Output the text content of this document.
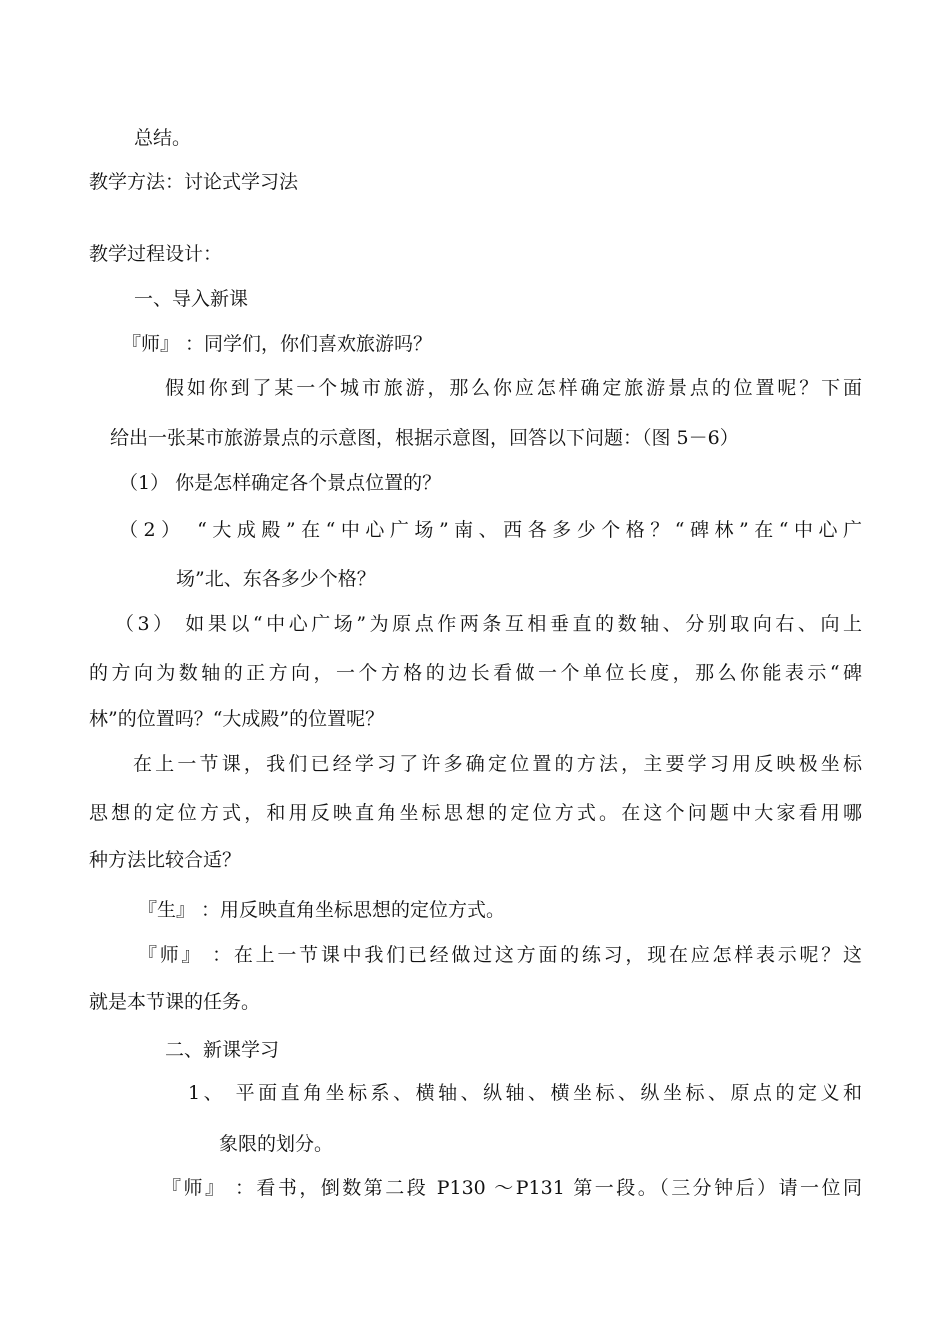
总结。
教学方法：讨论式学习法
教学过程设计：
一、导入新课
『师』 ：同学们，你们喜欢旅游吗？
假如你到了某一个城市旅游，那么你应怎样确定旅游景点的位置呢？下面
给出一张某市旅游景点的示意图，根据示意图，回答以下问题：（图 5－6）
（1） 你是怎样确定各个景点位置的？
（2） “大成殿”在“中心广场”南、西各多少个格？“碑林”在“中心广
场”北、东各多少个格？
（3） 如果以“中心广场”为原点作两条互相垂直的数轴、分别取向右、向上
的方向为数轴的正方向，一个方格的边长看做一个单位长度，那么你能表示“碑
林”的位置吗？“大成殿”的位置呢？
在上一节课，我们已经学习了许多确定位置的方法，主要学习用反映极坐标
思想的定位方式，和用反映直角坐标思想的定位方式。在这个问题中大家看用哪
种方法比较合适？
『生』 ：用反映直角坐标思想的定位方式。
『师』 ：在上一节课中我们已经做过这方面的练习，现在应怎样表示呢？这
就是本节课的任务。
二、新课学习
1、 平面直角坐标系、横轴、纵轴、横坐标、纵坐标、原点的定义和
象限的划分。
『师』 ：看书，倒数第二段 P130 ～P131 第一段。（三分钟后）请一位同
